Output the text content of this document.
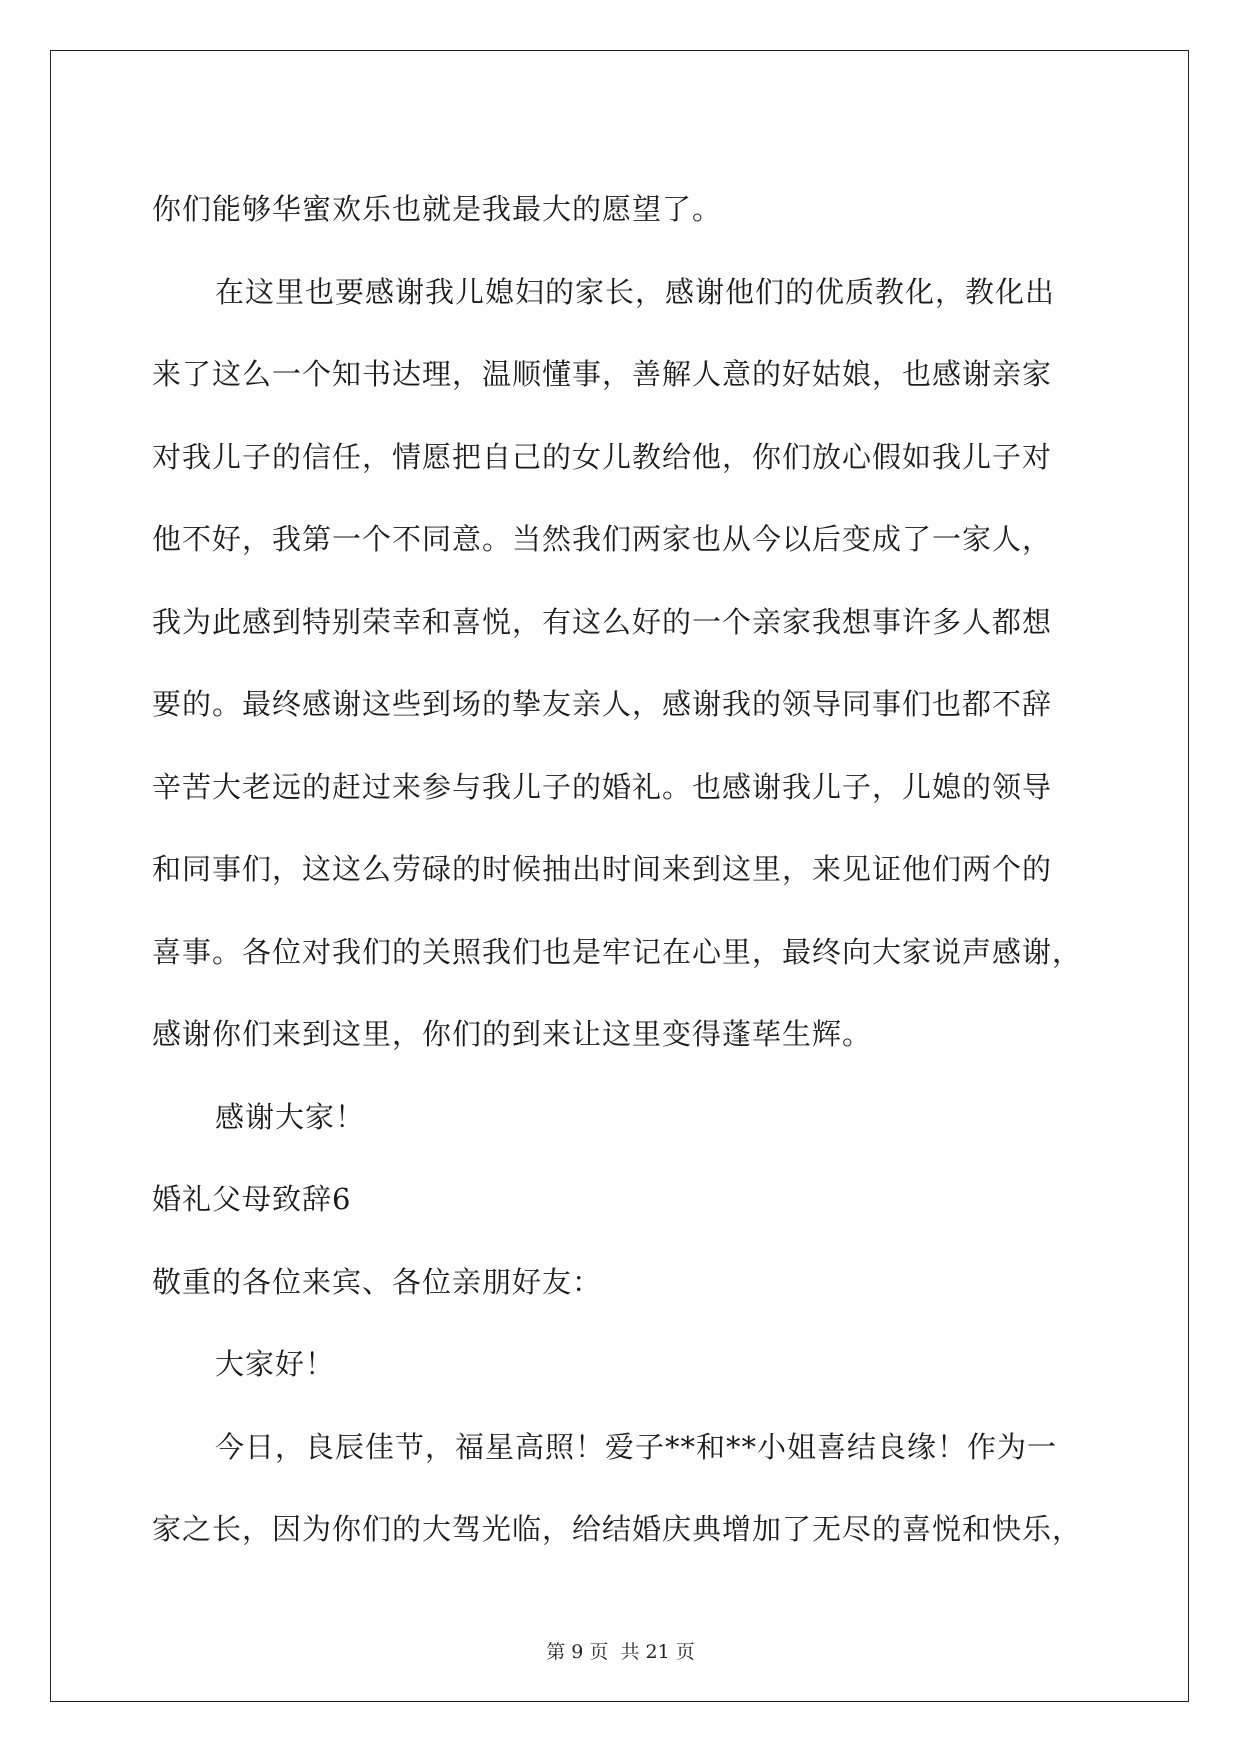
你们能够华蜜欢乐也就是我最大的愿望了。
在这里也要感谢我儿媳妇的家长，感谢他们的优质教化，教化出
来了这么一个知书达理，温顺懂事，善解人意的好姑娘，也感谢亲家
对我儿子的信任，情愿把自己的女儿教给他，你们放心假如我儿子对
他不好，我第一个不同意。当然我们两家也从今以后变成了一家人，
我为此感到特别荣幸和喜悦，有这么好的一个亲家我想事许多人都想
要的。最终感谢这些到场的挚友亲人，感谢我的领导同事们也都不辞
辛苦大老远的赶过来参与我儿子的婚礼。也感谢我儿子，儿媳的领导
和同事们，这这么劳碌的时候抽出时间来到这里，来见证他们两个的
喜事。各位对我们的关照我们也是牢记在心里，最终向大家说声感谢，
感谢你们来到这里，你们的到来让这里变得蓬荜生辉。
感谢大家！
婚礼父母致辞6
敬重的各位来宾、各位亲朋好友：
大家好！
今日，良辰佳节，福星高照！爱子**和**小姐喜结良缘！作为一
家之长，因为你们的大驾光临，给结婚庆典增加了无尽的喜悦和快乐，
第 9 页 共 21 页
